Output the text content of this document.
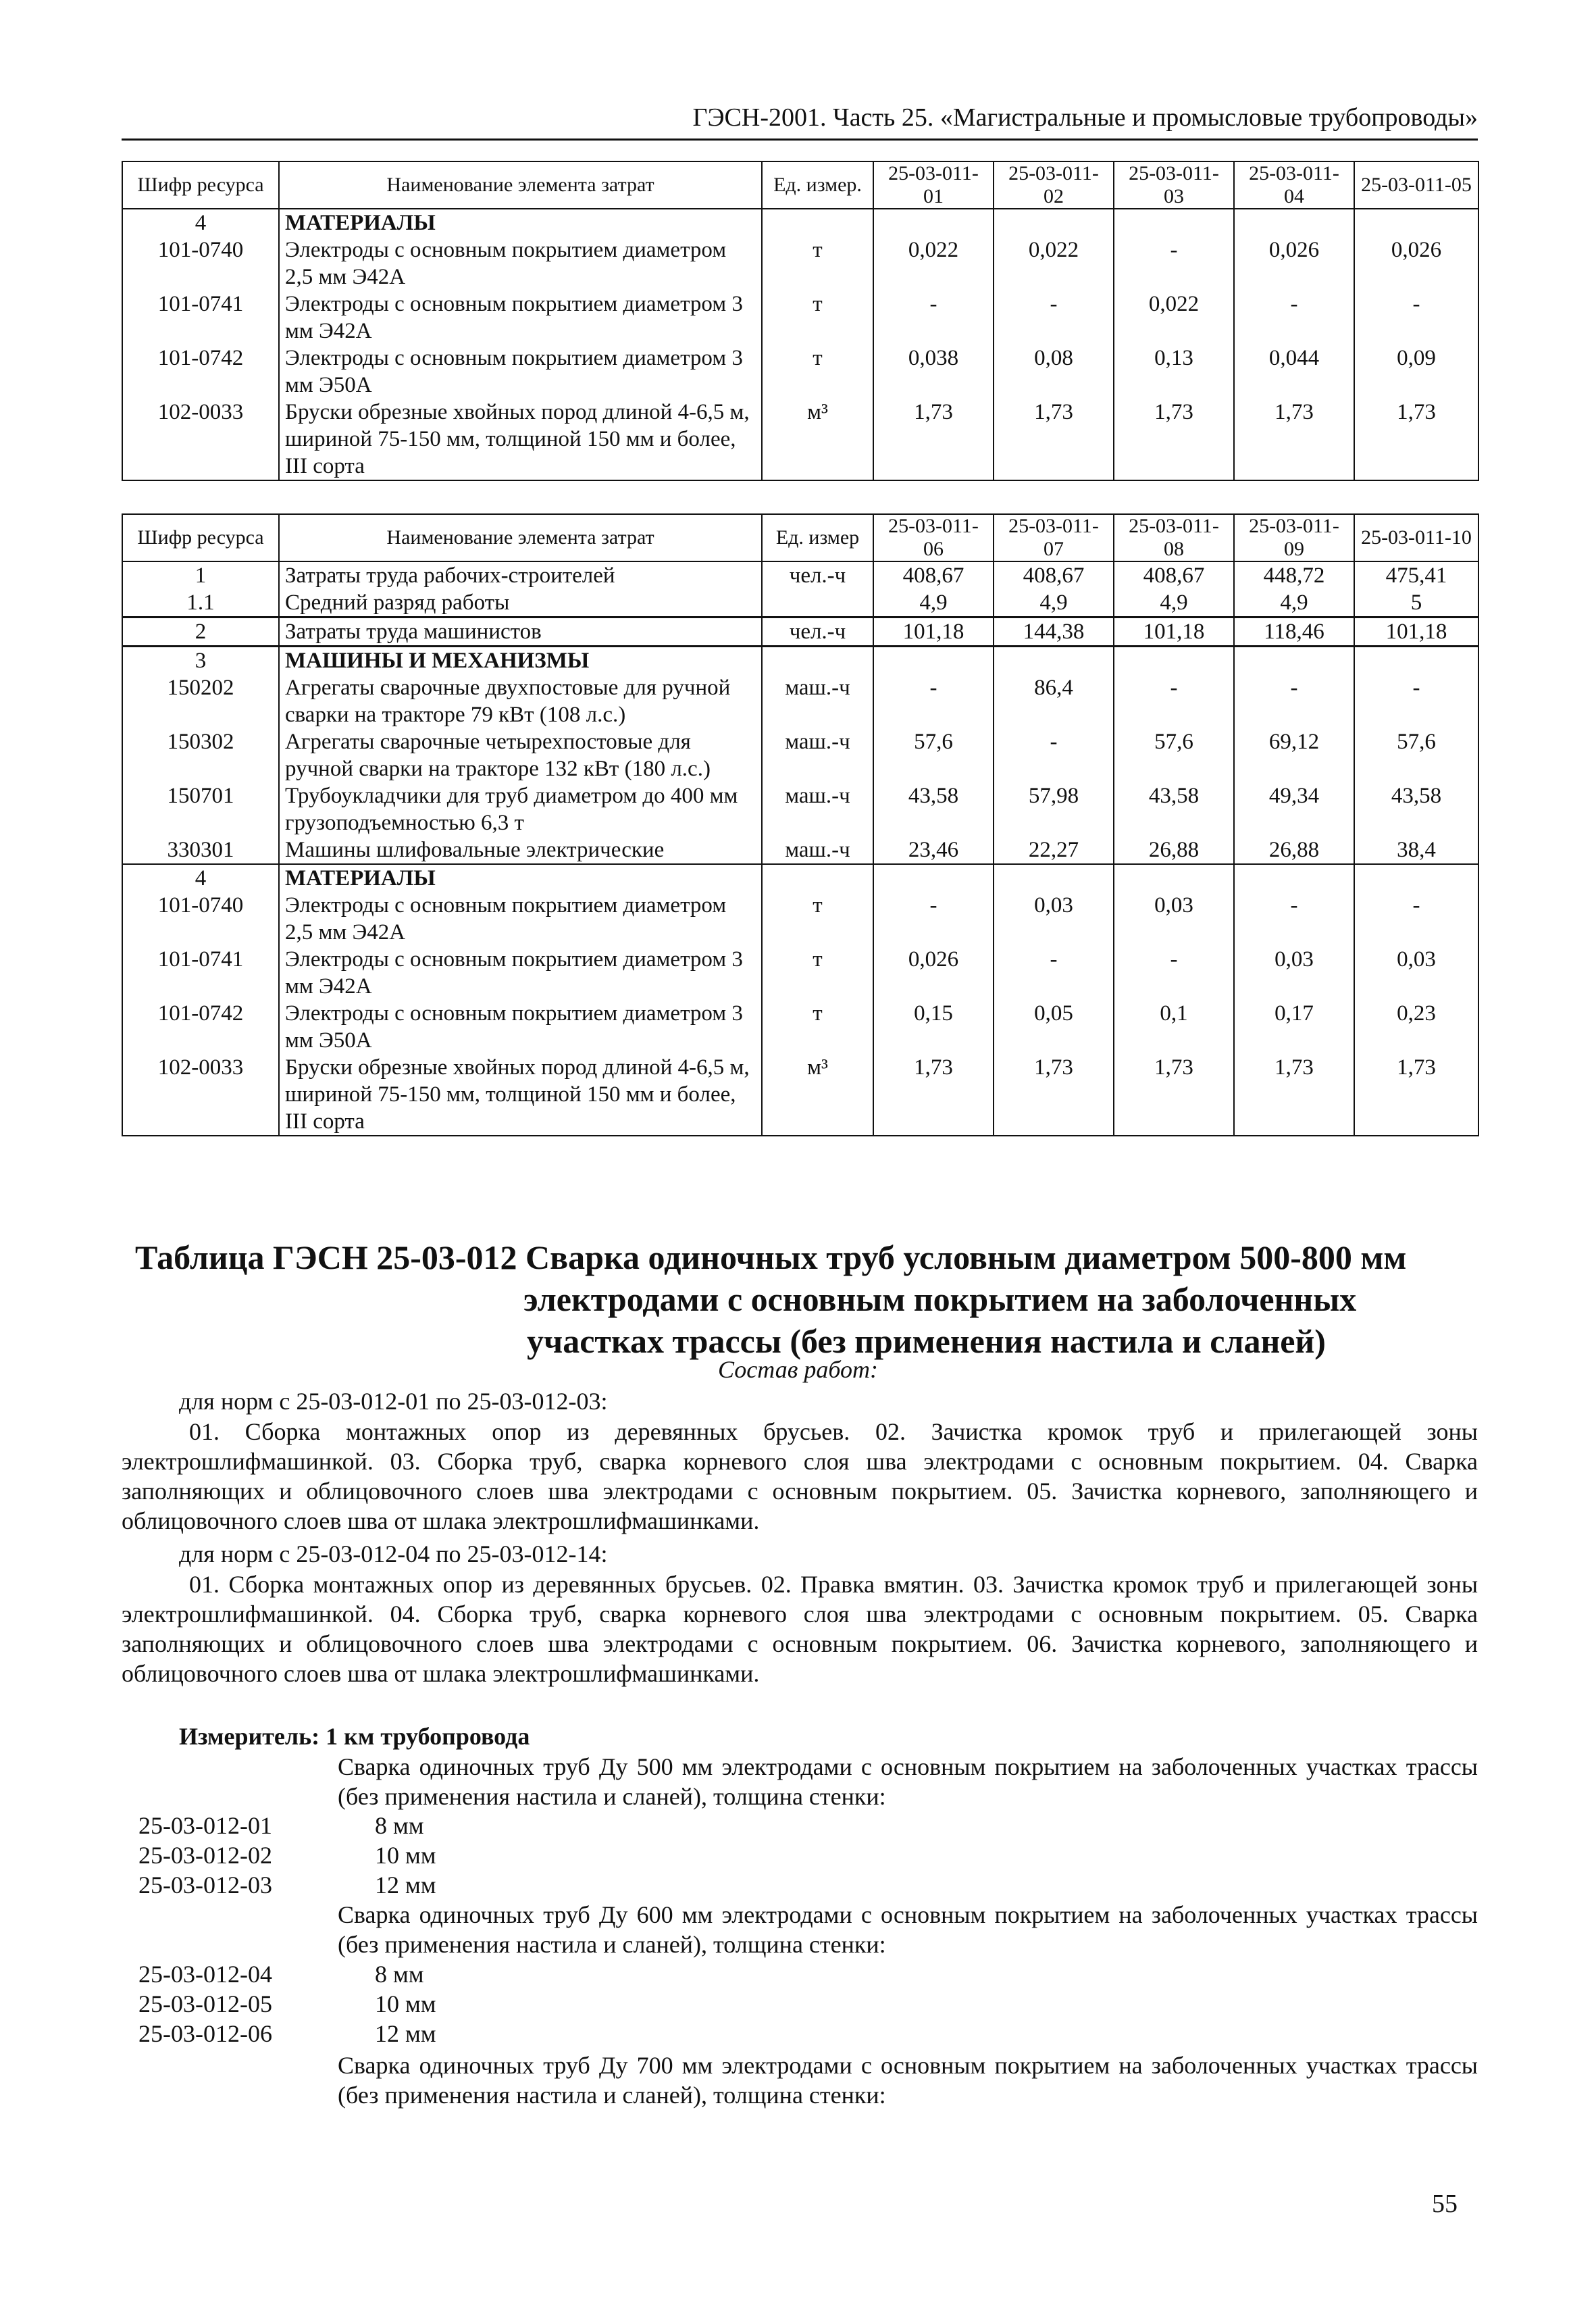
ГЭСН-2001. Часть 25. «Магистральные и промысловые трубопроводы»
Шифр ресурса	Наименование элемента затрат	Ед. измер.	25-03-011-01	25-03-011-02	25-03-011-03	25-03-011-04	25-03-011-05
4	МАТЕРИАЛЫ						
101-0740	Электроды с основным покрытием диаметром 2,5 мм Э42А	т	0,022	0,022	-	0,026	0,026
101-0741	Электроды с основным покрытием диаметром 3 мм Э42А	т	-	-	0,022	-	-
101-0742	Электроды с основным покрытием диаметром 3 мм Э50А	т	0,038	0,08	0,13	0,044	0,09
102-0033	Бруски обрезные хвойных пород длиной 4-6,5 м, шириной 75-150 мм, толщиной 150 мм и более, III сорта	м³	1,73	1,73	1,73	1,73	1,73
Шифр ресурса	Наименование элемента затрат	Ед. измер	25-03-011-06	25-03-011-07	25-03-011-08	25-03-011-09	25-03-011-10
1	Затраты труда рабочих-строителей	чел.-ч	408,67	408,67	408,67	448,72	475,41
1.1	Средний разряд работы		4,9	4,9	4,9	4,9	5
2	Затраты труда машинистов	чел.-ч	101,18	144,38	101,18	118,46	101,18
3	МАШИНЫ И МЕХАНИЗМЫ						
150202	Агрегаты сварочные двухпостовые для ручной сварки на тракторе 79 кВт (108 л.с.)	маш.-ч	-	86,4	-	-	-
150302	Агрегаты сварочные четырехпостовые для ручной сварки на тракторе 132 кВт (180 л.с.)	маш.-ч	57,6	-	57,6	69,12	57,6
150701	Трубоукладчики для труб диаметром до 400 мм грузоподъемностью 6,3 т	маш.-ч	43,58	57,98	43,58	49,34	43,58
330301	Машины шлифовальные электрические	маш.-ч	23,46	22,27	26,88	26,88	38,4
4	МАТЕРИАЛЫ						
101-0740	Электроды с основным покрытием диаметром 2,5 мм Э42А	т	-	0,03	0,03	-	-
101-0741	Электроды с основным покрытием диаметром 3 мм Э42А	т	0,026	-	-	0,03	0,03
101-0742	Электроды с основным покрытием диаметром 3 мм Э50А	т	0,15	0,05	0,1	0,17	0,23
102-0033	Бруски обрезные хвойных пород длиной 4-6,5 м, шириной 75-150 мм, толщиной 150 мм и более, III сорта	м³	1,73	1,73	1,73	1,73	1,73
Таблица ГЭСН 25-03-012 Сварка одиночных труб условным диаметром 500-800 мм
электродами с основным покрытием на заболоченных
участках трассы (без применения настила и сланей)
Состав работ:
для норм с 25-03-012-01 по 25-03-012-03:
01. Сборка монтажных опор из деревянных брусьев. 02. Зачистка кромок труб и прилегающей зоны электрошлифмашинкой. 03. Сборка труб, сварка корневого слоя шва электродами с основным покрытием. 04. Сварка заполняющих и облицовочного слоев шва электродами с основным покрытием. 05. Зачистка корневого, заполняющего и облицовочного слоев шва от шлака электрошлифмашинками.
для норм с 25-03-012-04 по 25-03-012-14:
01. Сборка монтажных опор из деревянных брусьев. 02. Правка вмятин. 03. Зачистка кромок труб и прилегающей зоны электрошлифмашинкой. 04. Сборка труб, сварка корневого слоя шва электродами с основным покрытием. 05. Сварка заполняющих и облицовочного слоев шва электродами с основным покрытием. 06. Зачистка корневого, заполняющего и облицовочного слоев шва от шлака электрошлифмашинками.
Измеритель: 1 км трубопровода
Сварка одиночных труб Ду 500 мм электродами с основным покрытием на заболоченных участках трассы (без применения настила и сланей), толщина стенки:
25-03-012-01	8 мм
25-03-012-02	10 мм
25-03-012-03	12 мм
Сварка одиночных труб Ду 600 мм электродами с основным покрытием на заболоченных участках трассы (без применения настила и сланей), толщина стенки:
25-03-012-04	8 мм
25-03-012-05	10 мм
25-03-012-06	12 мм
Сварка одиночных труб Ду 700 мм электродами с основным покрытием на заболоченных участках трассы (без применения настила и сланей), толщина стенки:
55
